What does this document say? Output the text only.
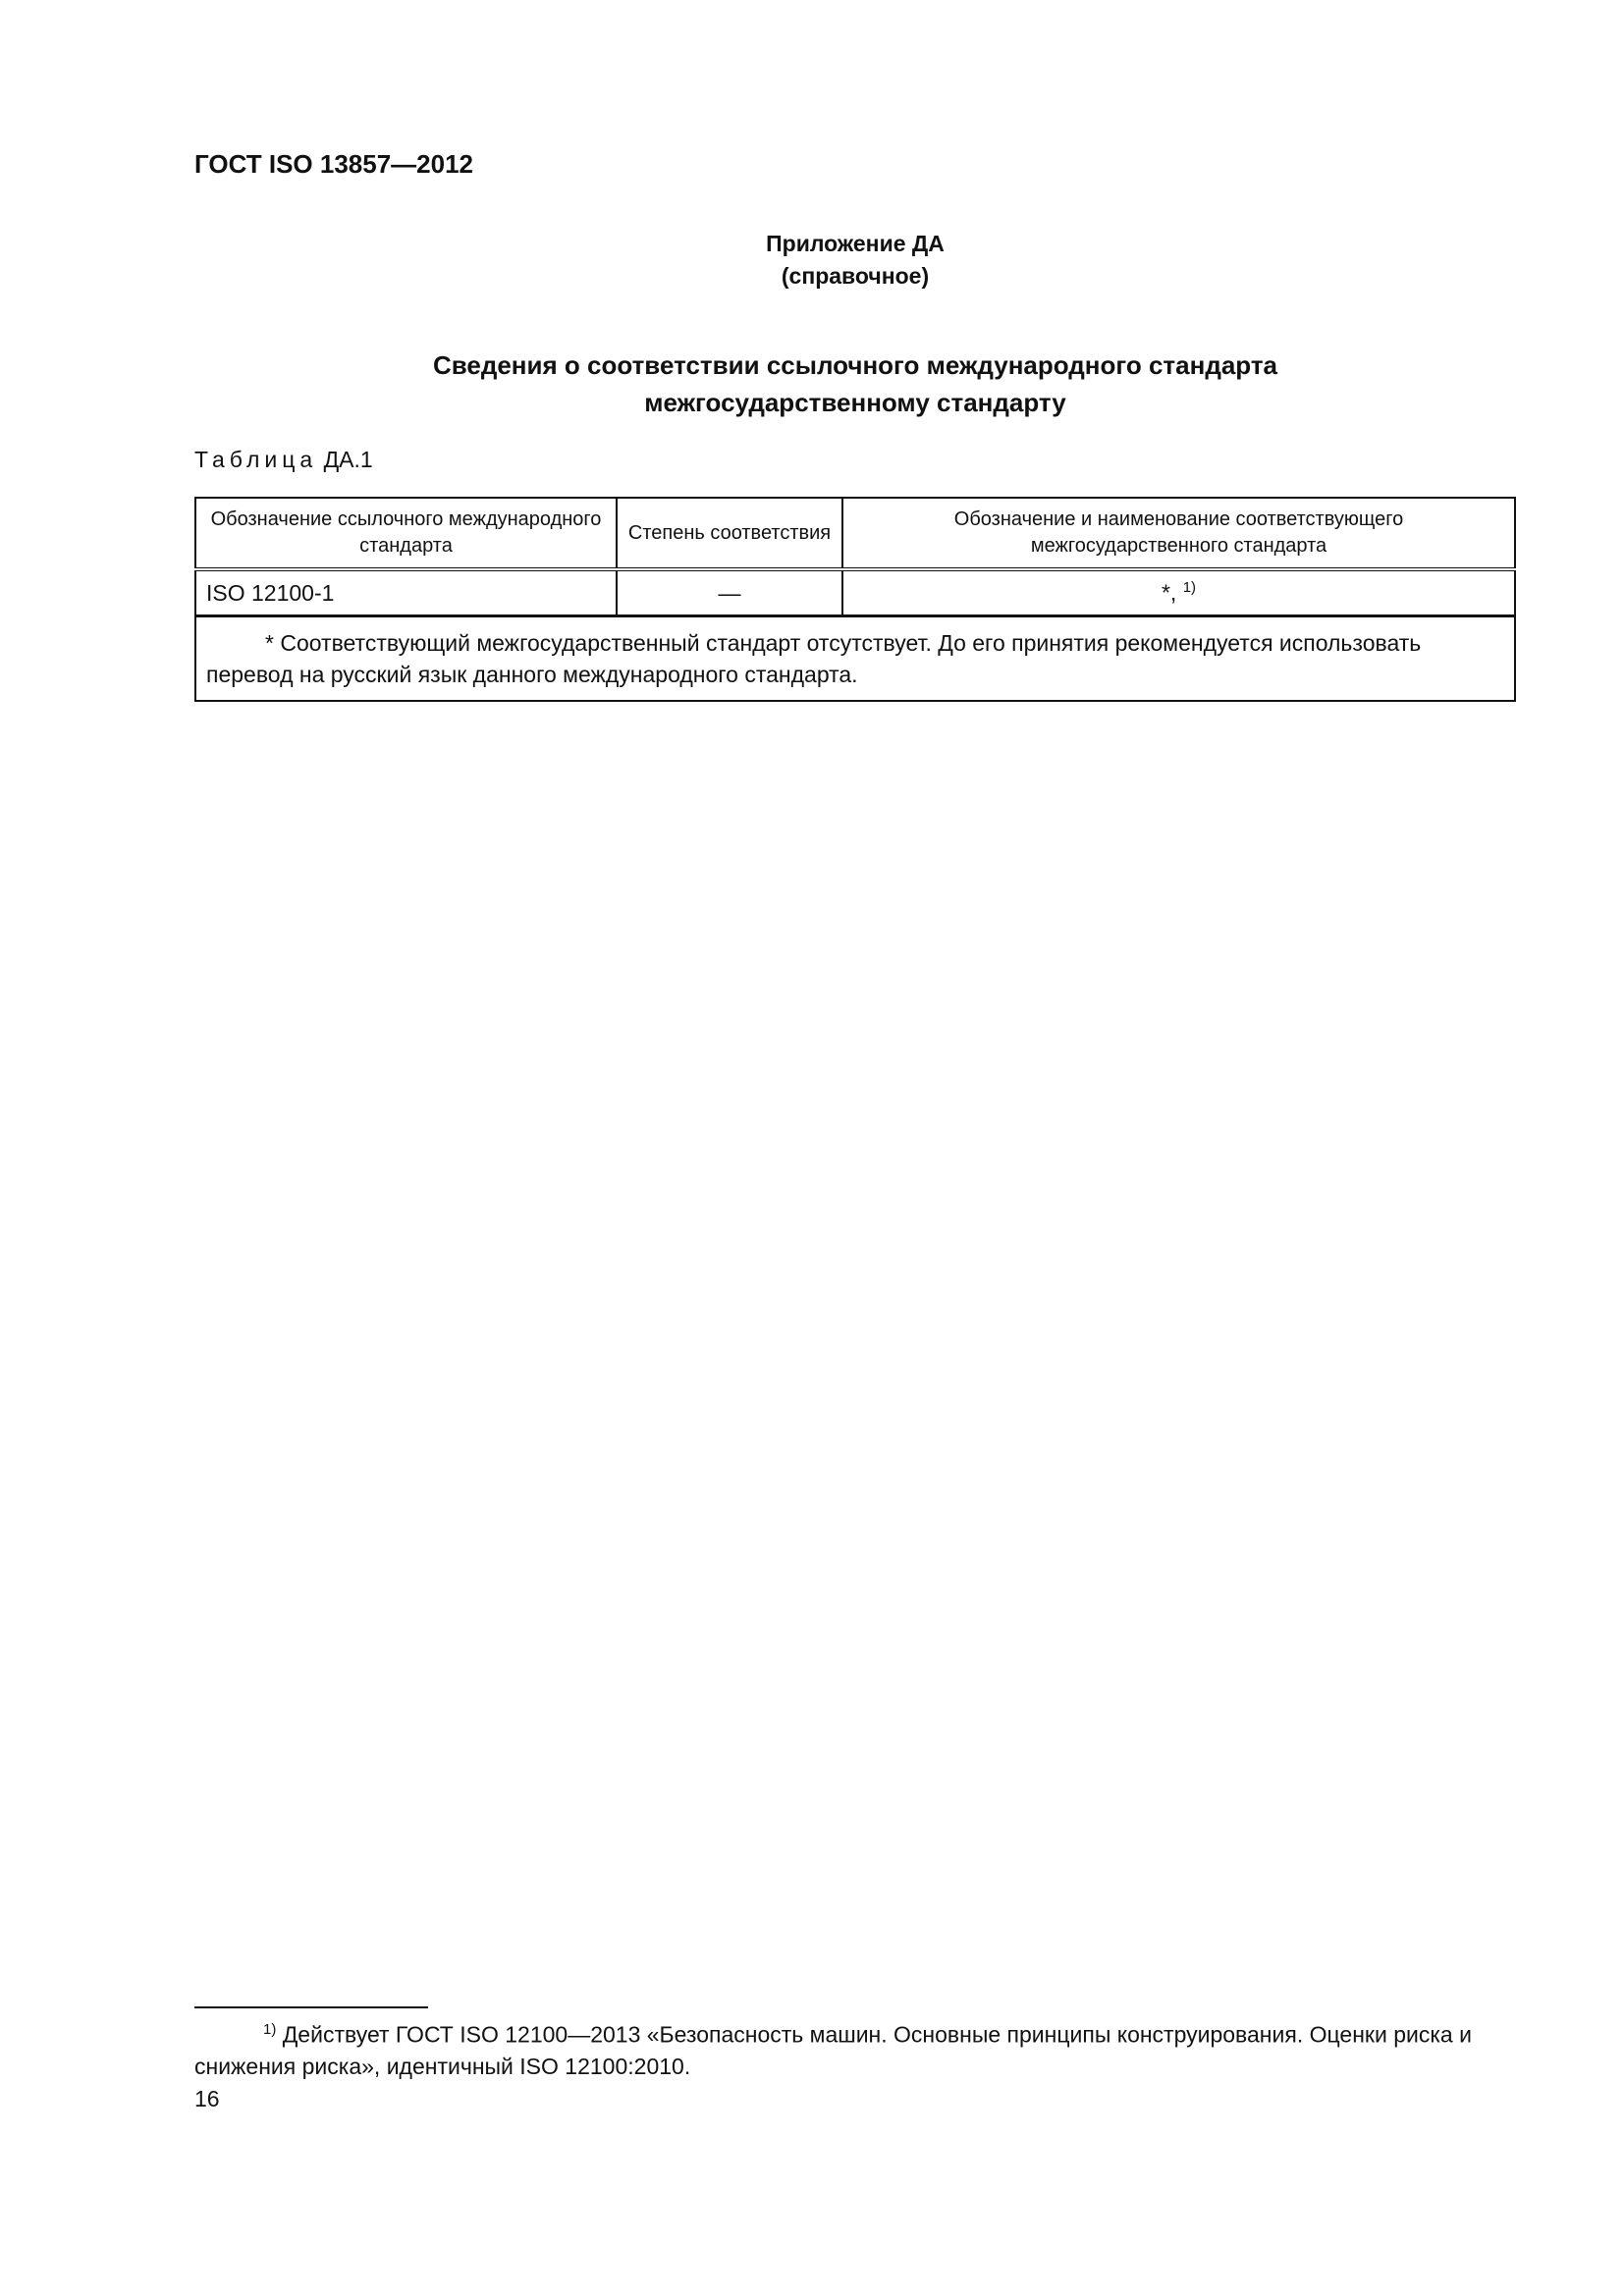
ГОСТ ISO 13857—2012
Приложение ДА
(справочное)
Сведения о соответствии ссылочного международного стандарта
межгосударственному стандарту
Таблица ДА.1
Обозначение ссылочного международного стандарта	Степень соответствия	Обозначение и наименование соответствующего межгосударственного стандарта
ISO 12100-1	—	*, $^{1)}$
* Соответствующий межгосударственный стандарт отсутствует. До его принятия рекомендуется использовать перевод на русский язык данного международного стандарта.		
$^{1)}$ Действует ГОСТ ISO 12100—2013 «Безопасность машин. Основные принципы конструирования. Оценки риска и снижения риска», идентичный ISO 12100:2010.
16
